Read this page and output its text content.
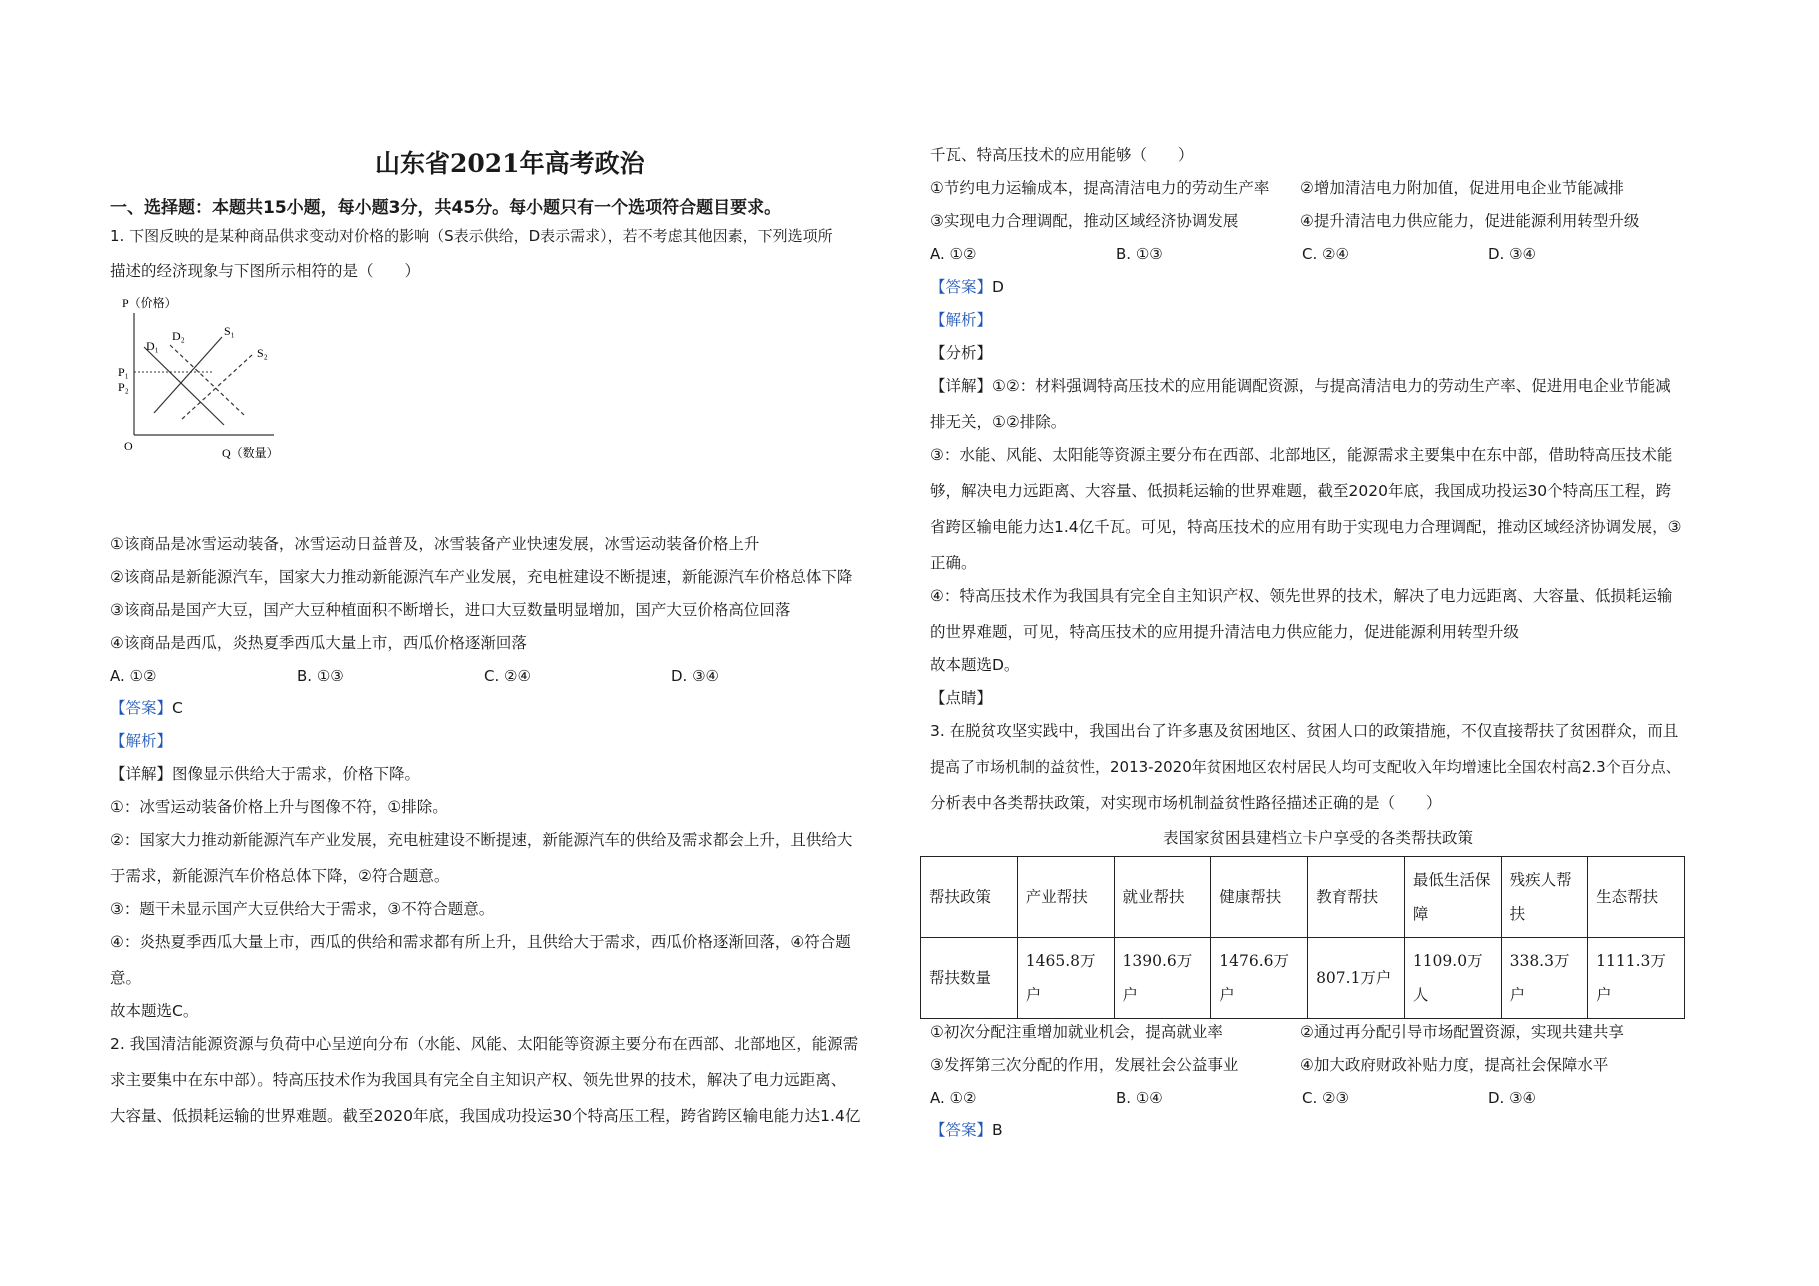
山东省2021年高考政治
一、选择题：本题共15小题，每小题3分，共45分。每小题只有一个选项符合题目要求。
1. 下图反映的是某种商品供求变动对价格的影响（S表示供给，D表示需求），若不考虑其他因素，下列选项所
描述的经济现象与下图所示相符的是（　　）
P（价格）
O	Q（数量）
P₁
P₂
D₁
D₂	S₁
S₂
①该商品是冰雪运动装备，冰雪运动日益普及，冰雪装备产业快速发展，冰雪运动装备价格上升
②该商品是新能源汽车，国家大力推动新能源汽车产业发展，充电桩建设不断提速，新能源汽车价格总体下降
③该商品是国产大豆，国产大豆种植面积不断增长，进口大豆数量明显增加，国产大豆价格高位回落
④该商品是西瓜，炎热夏季西瓜大量上市，西瓜价格逐渐回落
A. ①②	B. ①③	C. ②④	D. ③④
【答案】C
【解析】
【详解】图像显示供给大于需求，价格下降。
①：冰雪运动装备价格上升与图像不符，①排除。
②：国家大力推动新能源汽车产业发展，充电桩建设不断提速，新能源汽车的供给及需求都会上升，且供给大
于需求，新能源汽车价格总体下降，②符合题意。
③：题干未显示国产大豆供给大于需求，③不符合题意。
④：炎热夏季西瓜大量上市，西瓜的供给和需求都有所上升，且供给大于需求，西瓜价格逐渐回落，④符合题
意。
故本题选C。
2. 我国清洁能源资源与负荷中心呈逆向分布（水能、风能、太阳能等资源主要分布在西部、北部地区，能源需
求主要集中在东中部）。特高压技术作为我国具有完全自主知识产权、领先世界的技术，解决了电力远距离、
大容量、低损耗运输的世界难题。截至2020年底，我国成功投运30个特高压工程，跨省跨区输电能力达1.4亿
千瓦、特高压技术的应用能够（　　）
①节约电力运输成本，提高清洁电力的劳动生产率 ②增加清洁电力附加值，促进用电企业节能减排
③实现电力合理调配，推动区域经济协调发展	④提升清洁电力供应能力，促进能源利用转型升级
A. ①②	B. ①③	C. ②④	D. ③④
【答案】D
【解析】
【分析】
【详解】①②：材料强调特高压技术的应用能调配资源，与提高清洁电力的劳动生产率、促进用电企业节能减
排无关，①②排除。
③：水能、风能、太阳能等资源主要分布在西部、北部地区，能源需求主要集中在东中部，借助特高压技术能
够，解决电力远距离、大容量、低损耗运输的世界难题，截至2020年底，我国成功投运30个特高压工程，跨
省跨区输电能力达1.4亿千瓦。可见，特高压技术的应用有助于实现电力合理调配，推动区域经济协调发展，③
正确。
④：特高压技术作为我国具有完全自主知识产权、领先世界的技术，解决了电力远距离、大容量、低损耗运输
的世界难题，可见，特高压技术的应用提升清洁电力供应能力，促进能源利用转型升级
故本题选D。
【点睛】
3. 在脱贫攻坚实践中，我国出台了许多惠及贫困地区、贫困人口的政策措施，不仅直接帮扶了贫困群众，而且
提高了市场机制的益贫性，2013-2020年贫困地区农村居民人均可支配收入年均增速比全国农村高2.3个百分点、
分析表中各类帮扶政策，对实现市场机制益贫性路径描述正确的是（　　）
表国家贫困县建档立卡户享受的各类帮扶政策
帮扶政策	产业帮扶	就业帮扶	健康帮扶	教育帮扶	最低生活保障	残疾人帮扶	生态帮扶
帮扶数量	1465.8万户	1390.6万户	1476.6万户	807.1万户	1109.0万人	338.3万户	1111.3万户
①初次分配注重增加就业机会，提高就业率	②通过再分配引导市场配置资源，实现共建共享
③发挥第三次分配的作用，发展社会公益事业	④加大政府财政补贴力度，提高社会保障水平
A. ①②	B. ①④	C. ②③	D. ③④
【答案】B
